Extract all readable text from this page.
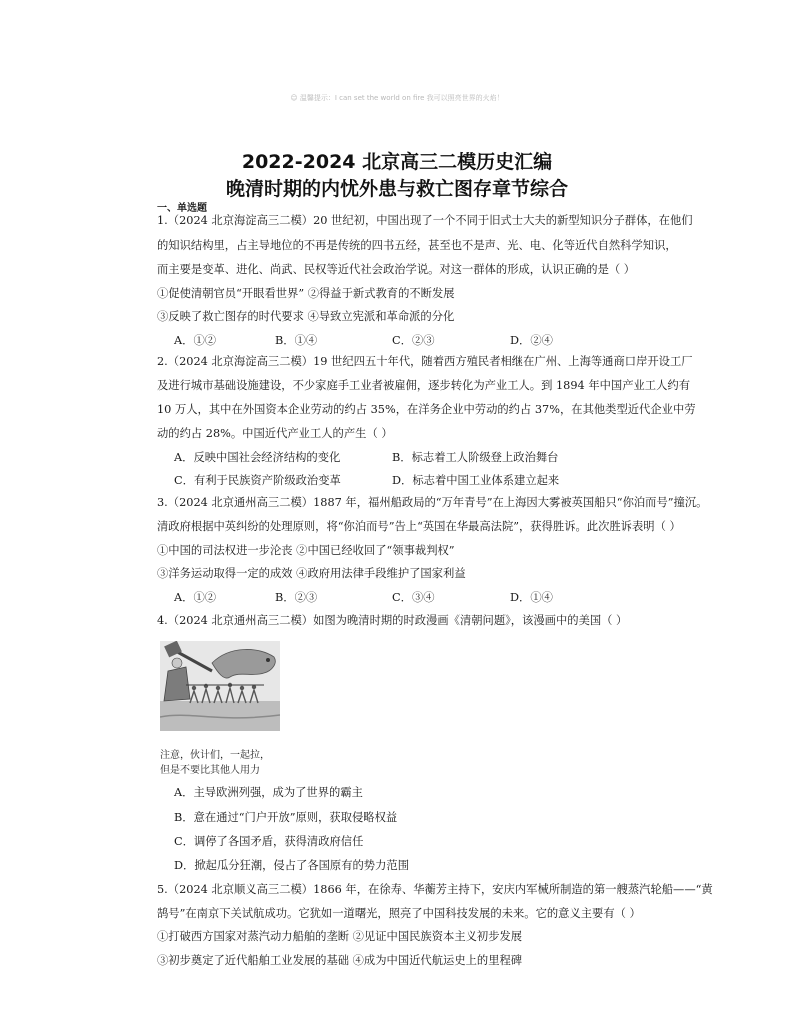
☺ 温馨提示：I can set the world on fire 我可以照亮世界的火焰！
2022-2024 北京高三二模历史汇编
晚清时期的内忧外患与救亡图存章节综合
一、单选题
1.（2024 北京海淀高三二模）20 世纪初，中国出现了一个不同于旧式士大夫的新型知识分子群体，在他们
的知识结构里，占主导地位的不再是传统的四书五经，甚至也不是声、光、电、化等近代自然科学知识，
而主要是变革、进化、尚武、民权等近代社会政治学说。对这一群体的形成，认识正确的是（ ）
①促使清朝官员“开眼看世界” ②得益于新式教育的不断发展
③反映了救亡图存的时代要求 ④导致立宪派和革命派的分化
A．①②	B．①④	C．②③	D．②④
2.（2024 北京海淀高三二模）19 世纪四五十年代，随着西方殖民者相继在广州、上海等通商口岸开设工厂
及进行城市基础设施建设，不少家庭手工业者被雇佣，逐步转化为产业工人。到 1894 年中国产业工人约有
10 万人，其中在外国资本企业劳动的约占 35%，在洋务企业中劳动的约占 37%，在其他类型近代企业中劳
动的约占 28%。中国近代产业工人的产生（ ）
A．反映中国社会经济结构的变化	B．标志着工人阶级登上政治舞台
C．有利于民族资产阶级政治变革	D．标志着中国工业体系建立起来
3.（2024 北京通州高三二模）1887 年，福州船政局的“万年青号”在上海因大雾被英国船只“你泊而号”撞沉。
清政府根据中英纠纷的处理原则，将“你泊而号”告上“英国在华最高法院”，获得胜诉。此次胜诉表明（ ）
①中国的司法权进一步沦丧 ②中国已经收回了“领事裁判权”
③洋务运动取得一定的成效 ④政府用法律手段维护了国家利益
A．①②	B．②③	C．③④	D．①④
4.（2024 北京通州高三二模）如图为晚清时期的时政漫画《清朝问题》，该漫画中的美国（ ）
注意，伙计们，一起拉，
但是不要比其他人用力
A．主导欧洲列强，成为了世界的霸主
B．意在通过“门户开放”原则，获取侵略权益
C．调停了各国矛盾，获得清政府信任
D．掀起瓜分狂潮，侵占了各国原有的势力范围
5.（2024 北京顺义高三二模）1866 年，在徐寿、华蘅芳主持下，安庆内军械所制造的第一艘蒸汽轮船——“黄
鹄号”在南京下关试航成功。它犹如一道曙光，照亮了中国科技发展的未来。它的意义主要有（ ）
①打破西方国家对蒸汽动力船舶的垄断 ②见证中国民族资本主义初步发展
③初步奠定了近代船舶工业发展的基础 ④成为中国近代航运史上的里程碑
